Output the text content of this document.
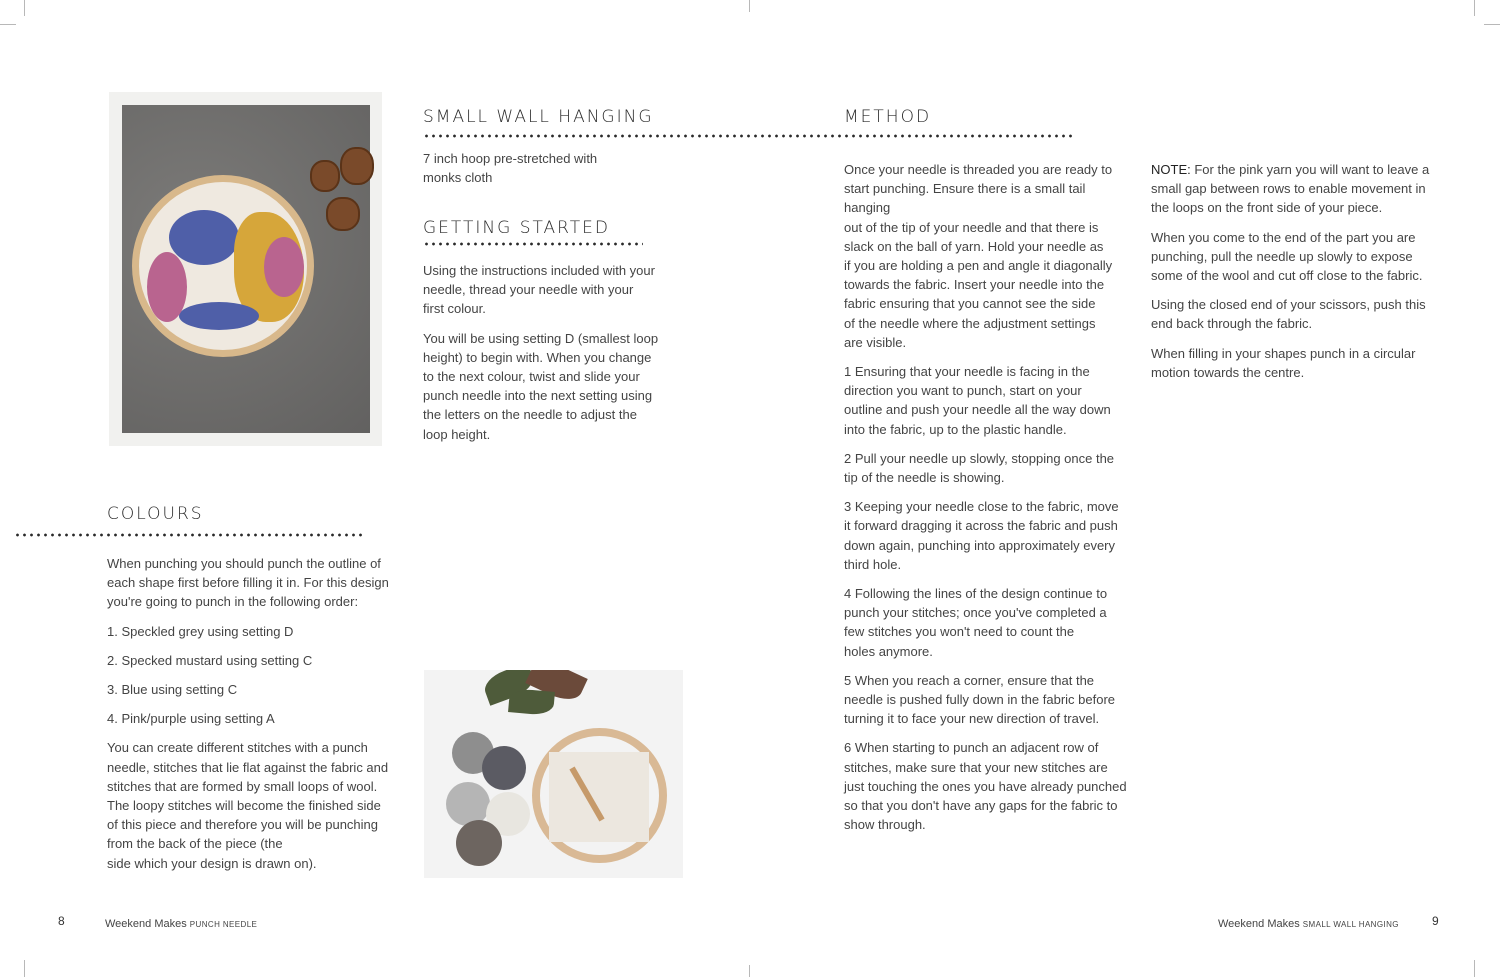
SMALL WALL HANGING
7 inch hoop pre-stretched with
monks cloth
GETTING STARTED

Using the instructions included with your
needle, thread your needle with your
first colour.

You will be using setting D (smallest loop
height) to begin with. When you change
to the next colour, twist and slide your
punch needle into the next setting using
the letters on the needle to adjust the
loop height.

COLOURS

When punching you should punch the outline of
each shape first before filling it in. For this design
you're going to punch in the following order:

1. Speckled grey using setting D

2. Specked mustard using setting C

3. Blue using setting C

4. Pink/purple using setting A

You can create different stitches with a punch
needle, stitches that lie flat against the fabric and
stitches that are formed by small loops of wool.
The loopy stitches will become the finished side
of this piece and therefore you will be punching
from the back of the piece (the
side which your design is drawn on).

METHOD

Once your needle is threaded you are ready to
start punching. Ensure there is a small tail hanging
out of the tip of your needle and that there is
slack on the ball of yarn. Hold your needle as
if you are holding a pen and angle it diagonally
towards the fabric. Insert your needle into the
fabric ensuring that you cannot see the side
of the needle where the adjustment settings
are visible.

1 Ensuring that your needle is facing in the
direction you want to punch, start on your
outline and push your needle all the way down
into the fabric, up to the plastic handle.

2 Pull your needle up slowly, stopping once the
tip of the needle is showing.

3 Keeping your needle close to the fabric, move
it forward dragging it across the fabric and push
down again, punching into approximately every
third hole.

4 Following the lines of the design continue to
punch your stitches; once you've completed a
few stitches you won't need to count the
holes anymore.

5 When you reach a corner, ensure that the
needle is pushed fully down in the fabric before
turning it to face your new direction of travel.

6 When starting to punch an adjacent row of
stitches, make sure that your new stitches are
just touching the ones you have already punched
so that you don't have any gaps for the fabric to
show through.

NOTE: For the pink yarn you will want to leave a
small gap between rows to enable movement in
the loops on the front side of your piece.

When you come to the end of the part you are
punching, pull the needle up slowly to expose
some of the wool and cut off close to the fabric.

Using the closed end of your scissors, push this
end back through the fabric.

When filling in your shapes punch in a circular
motion towards the centre.

8	Weekend Makes PUNCH NEEDLE	Weekend Makes SMALL WALL HANGING	9
